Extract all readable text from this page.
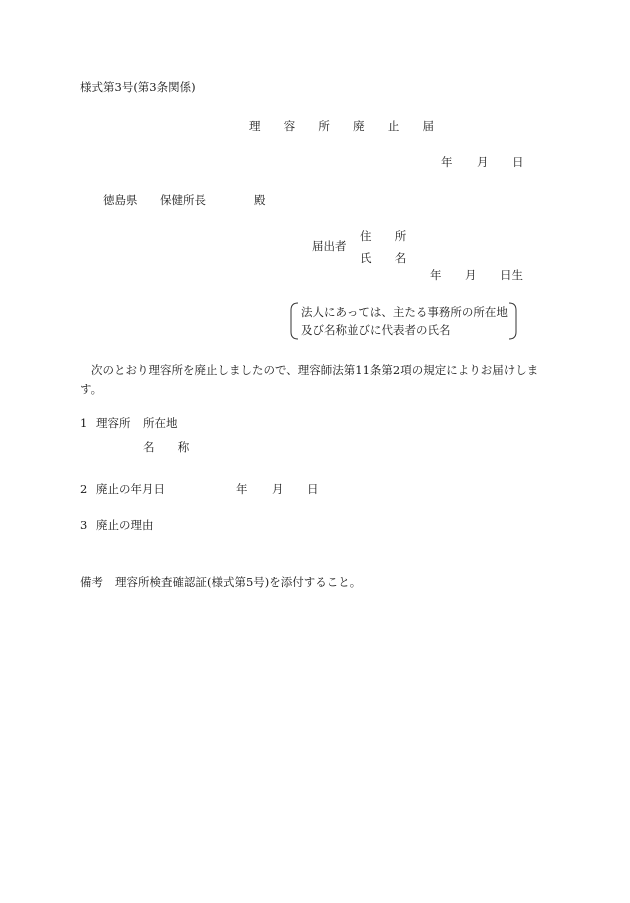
様式第3号(第3条関係)
理 容 所 廃 止 届
年 月 日
徳島県 保健所長	殿
届出者
住 所
氏 名
年 月 日生
法人にあっては、主たる事務所の所在地
及び名称並びに代表者の氏名
次のとおり理容所を廃止しましたので、理容師法第11条第2項の規定によりお届けします。
1 理容所 所在地
名 称
2 廃止の年月日	年 月 日
3 廃止の理由
備考 理容所検査確認証(様式第5号)を添付すること。
